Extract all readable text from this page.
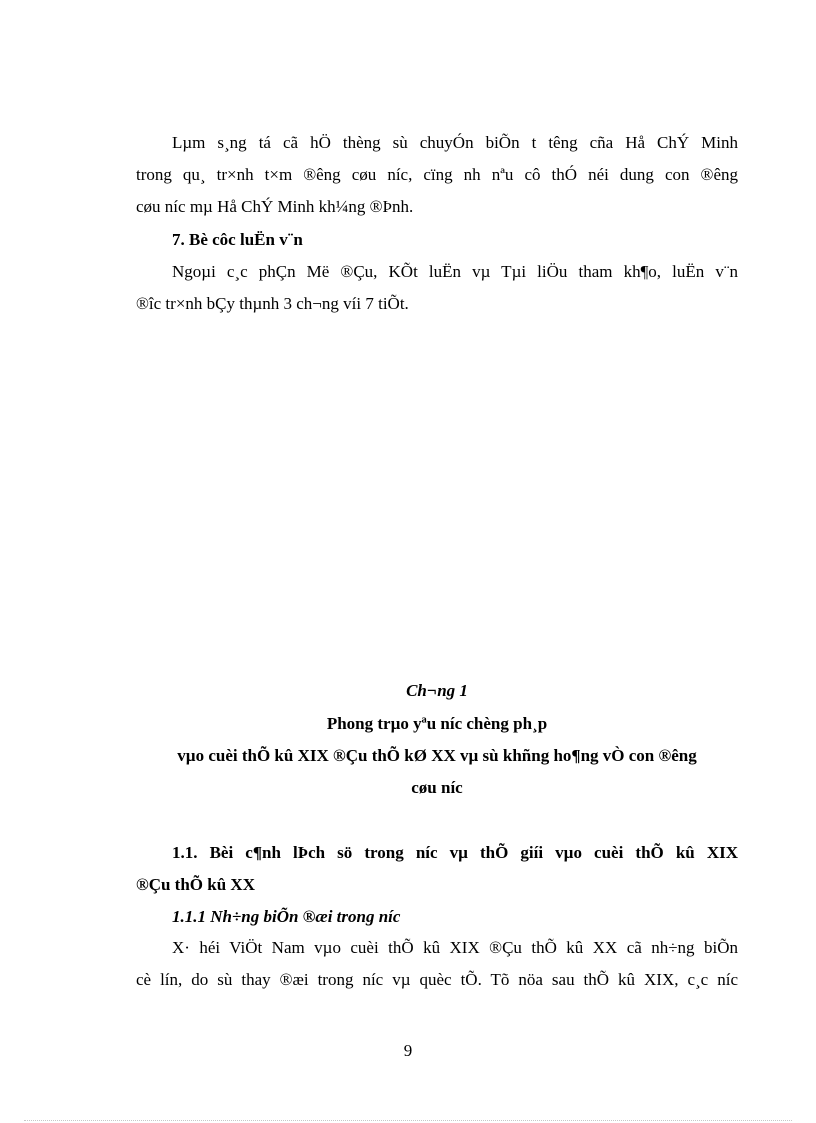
Lµm s¸ng tá cã hÖ thèng sù chuyÓn biÕn t têng cña Hå ChÝ Minh
trong qu¸ tr×nh t×m ®êng cøu níc, cïng nh nªu cô thÓ néi dung con ®êng
cøu níc mµ Hå ChÝ Minh kh¼ng ®Þnh.
7. Bè côc luËn v¨n
Ngoµi c¸c phÇn Më ®Çu, KÕt luËn vµ Tµi liÖu tham kh¶o, luËn v¨n
®îc tr×nh bÇy thµnh 3 ch¬ng víi 7 tiÕt.
Ch¬ng 1
Phong trµo yªu níc chèng ph¸p
vµo cuèi thÕ kû XIX ®Çu thÕ kØ XX vµ sù khñng ho¶ng vÒ con ®êng
cøu níc
1.1. Bèi c¶nh lÞch sö trong níc vµ thÕ giíi vµo cuèi thÕ kû XIX
®Çu thÕ kû XX
1.1.1 Nh÷ng biÕn ®æi trong níc
X· héi ViÖt Nam vµo cuèi thÕ kû XIX ®Çu thÕ kû XX cã nh÷ng biÕn
cè lín, do sù thay ®æi trong níc vµ quèc tÕ. Tõ nöa sau thÕ kû XIX, c¸c níc
9
